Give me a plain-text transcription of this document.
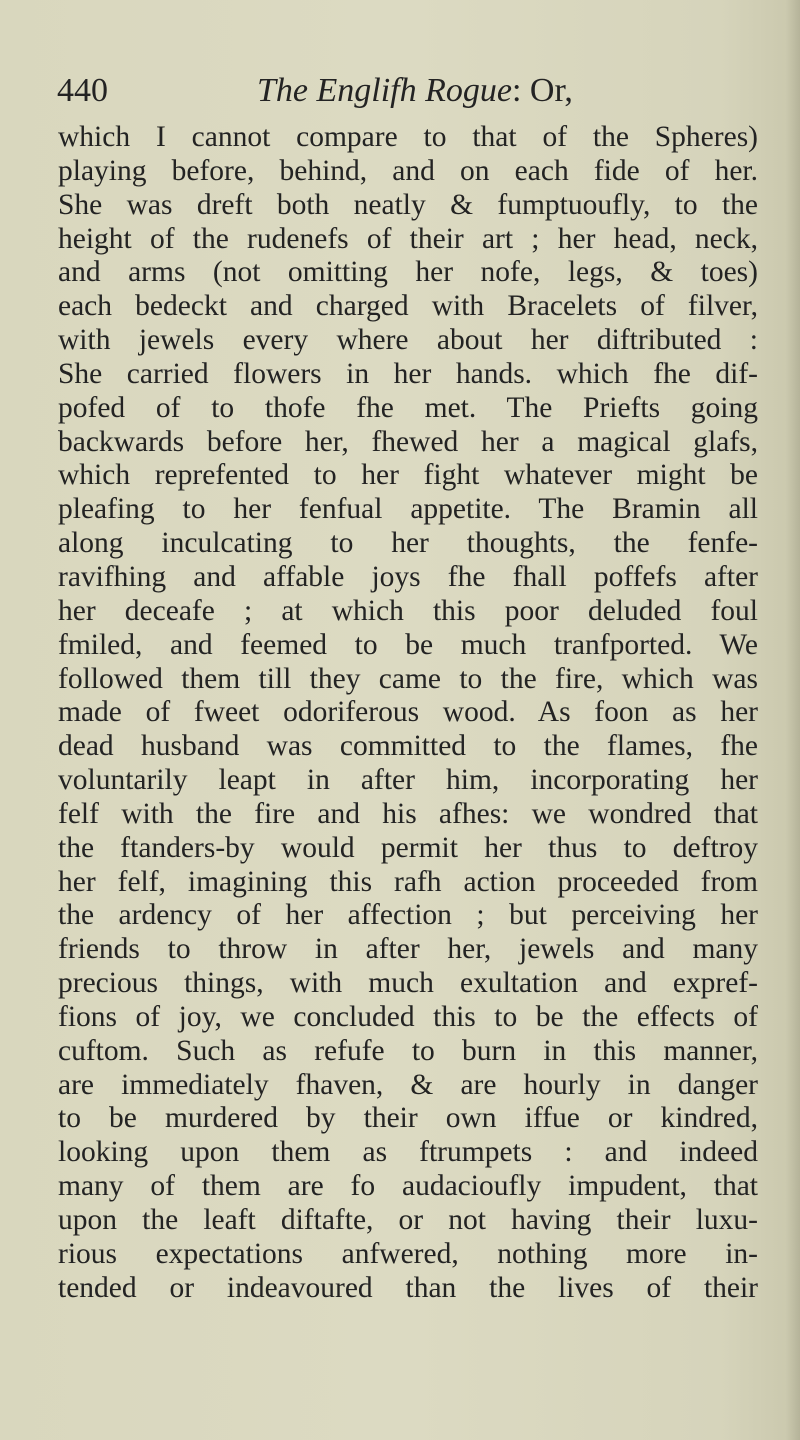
440	The Englifh Rogue: Or,
which I cannot compare to that of the Spheres)
playing before, behind, and on each fide of her.
She was dreft both neatly & fumptuoufly, to the
height of the rudenefs of their art ; her head, neck,
and arms (not omitting her nofe, legs, & toes)
each bedeckt and charged with Bracelets of filver,
with jewels every where about her diftributed :
She carried flowers in her hands. which fhe dif-
pofed of to thofe fhe met. The Priefts going
backwards before her, fhewed her a magical glafs,
which reprefented to her fight whatever might be
pleafing to her fenfual appetite. The Bramin all
along inculcating to her thoughts, the fenfe-
ravifhing and affable joys fhe fhall poffefs after
her deceafe ; at which this poor deluded foul
fmiled, and feemed to be much tranfported. We
followed them till they came to the fire, which was
made of fweet odoriferous wood. As foon as her
dead husband was committed to the flames, fhe
voluntarily leapt in after him, incorporating her
felf with the fire and his afhes: we wondred that
the ftanders-by would permit her thus to deftroy
her felf, imagining this rafh action proceeded from
the ardency of her affection ; but perceiving her
friends to throw in after her, jewels and many
precious things, with much exultation and expref-
fions of joy, we concluded this to be the effects of
cuftom. Such as refufe to burn in this manner,
are immediately fhaven, & are hourly in danger
to be murdered by their own iffue or kindred,
looking upon them as ftrumpets : and indeed
many of them are fo audacioufly impudent, that
upon the leaft diftafte, or not having their luxu-
rious expectations anfwered, nothing more in-
tended or indeavoured than the lives of their
